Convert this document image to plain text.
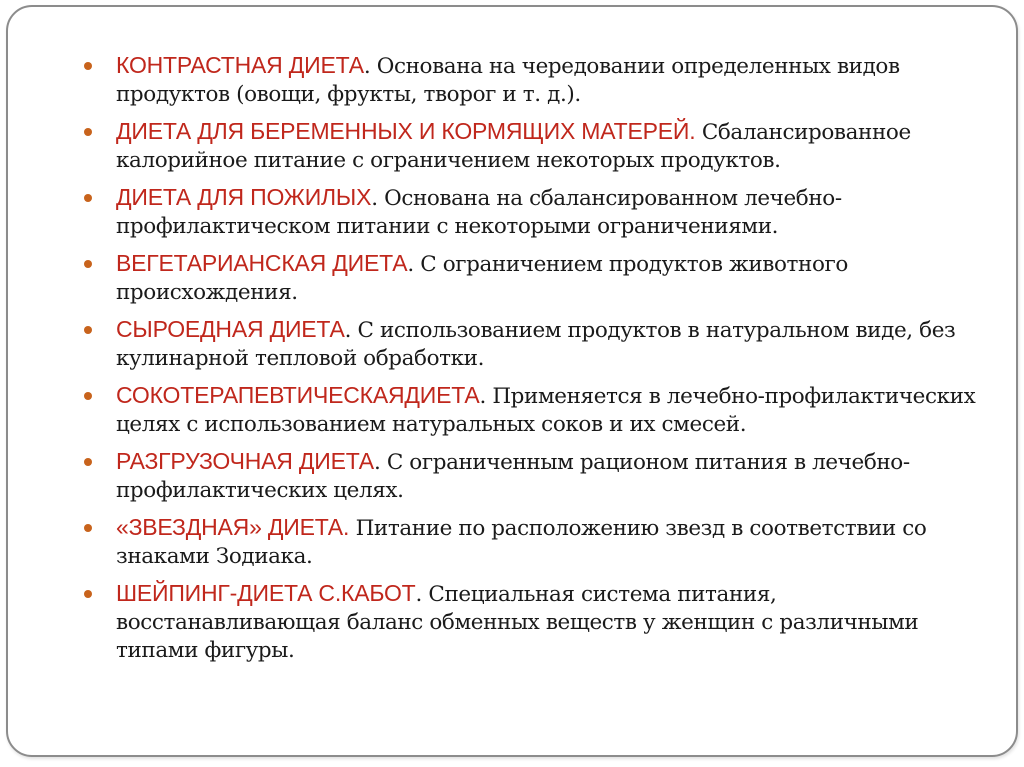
КОНТРАСТНАЯ ДИЕТА. Основана на чередовании определенных видов продуктов (овощи, фрукты, творог и т. д.).
ДИЕТА ДЛЯ БЕРЕМЕННЫХ И КОРМЯЩИХ МАТЕРЕЙ. Сбалансированное калорийное питание с ограничением некоторых продуктов.
ДИЕТА ДЛЯ ПОЖИЛЫХ. Основана на сбалансированном лечебно-профилактическом питании с некоторыми ограничениями.
ВЕГЕТАРИАНСКАЯ ДИЕТА. С ограничением продуктов животного происхождения.
СЫРОЕДНАЯ ДИЕТА. С использованием продуктов в натуральном виде, без кулинарной тепловой обработки.
СОКОТЕРАПЕВТИЧЕСКАЯДИЕТА. Применяется в лечебно-профилактических целях с использованием натуральных соков и их смесей.
РАЗГРУЗОЧНАЯ ДИЕТА. С ограниченным рационом питания в лечебно-профилактических целях.
«ЗВЕЗДНАЯ» ДИЕТА. Питание по расположению звезд в соответствии со знаками Зодиака.
ШЕЙПИНГ-ДИЕТА С.КАБОТ. Специальная система питания, восстанавливающая баланс обменных веществ у женщин с различными типами фигуры.
